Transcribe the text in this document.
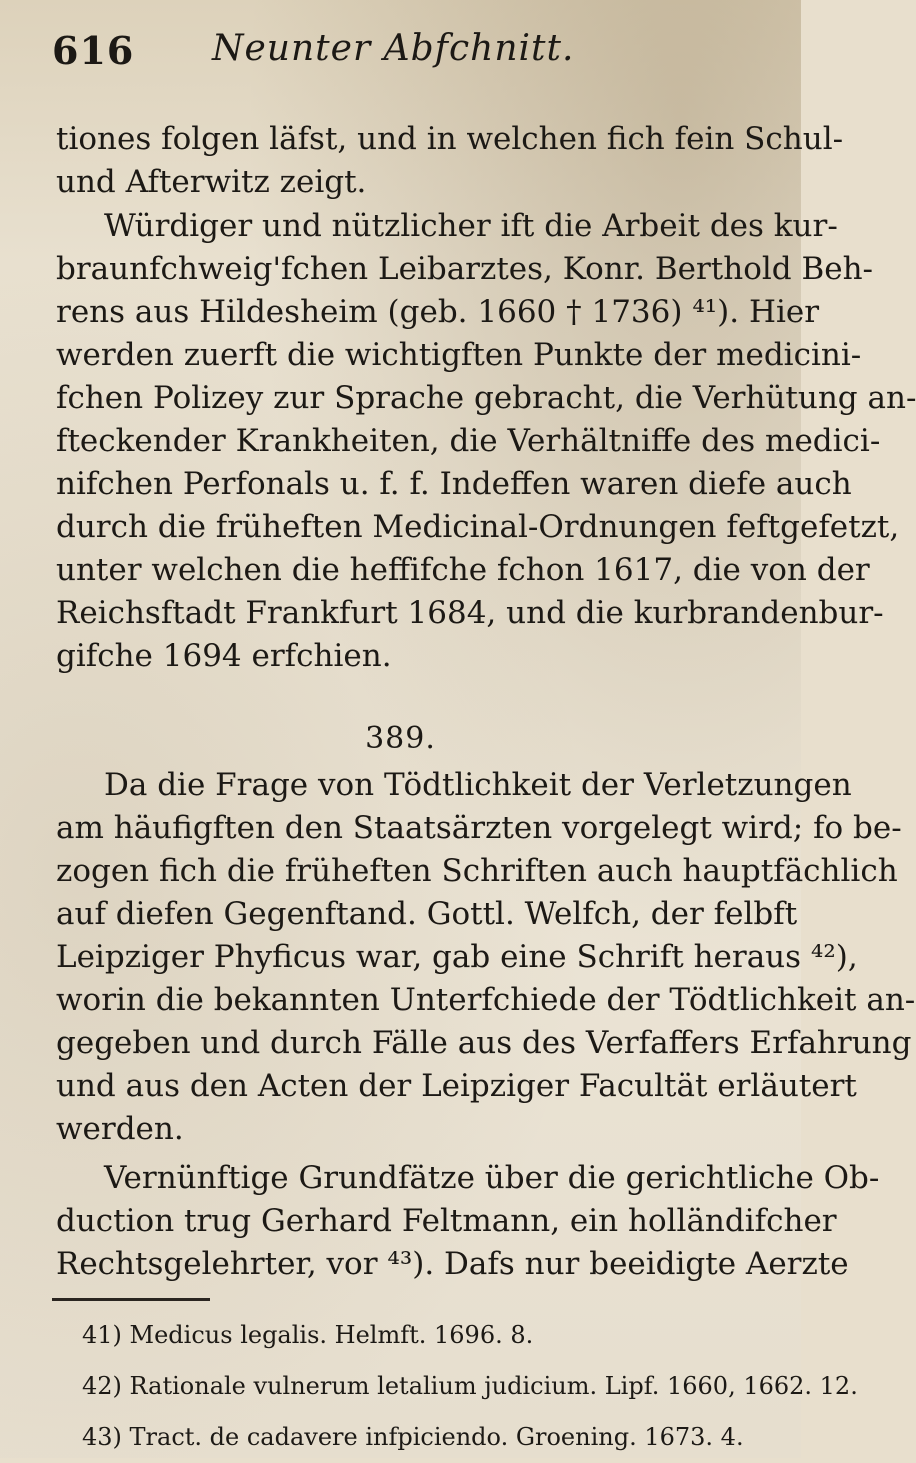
616 Neunter Abfchnitt.
tiones folgen läfst, und in welchen fich fein Schul-
und Afterwitz zeigt.
Würdiger und nützlicher ift die Arbeit des kur-
braunfchweig'fchen Leibarztes, Konr. Berthold Beh-
rens aus Hildesheim (geb. 1660 † 1736) ⁴¹). Hier
werden zuerft die wichtigften Punkte der medicini-
fchen Polizey zur Sprache gebracht, die Verhütung an-
fteckender Krankheiten, die Verhältniffe des medici-
nifchen Perfonals u. f. f. Indeffen waren diefe auch
durch die früheften Medicinal-Ordnungen feftgefetzt,
unter welchen die heffifche fchon 1617, die von der
Reichsftadt Frankfurt 1684, und die kurbrandenbur-
gifche 1694 erfchien.
389.
Da die Frage von Tödtlichkeit der Verletzungen
am häufigften den Staatsärzten vorgelegt wird; fo be-
zogen fich die früheften Schriften auch hauptfächlich
auf diefen Gegenftand. Gottl. Welfch, der felbft
Leipziger Phyficus war, gab eine Schrift heraus ⁴²),
worin die bekannten Unterfchiede der Tödtlichkeit an-
gegeben und durch Fälle aus des Verfaffers Erfahrung
und aus den Acten der Leipziger Facultät erläutert
werden.
Vernünftige Grundfätze über die gerichtliche Ob-
duction trug Gerhard Feltmann, ein holländifcher
Rechtsgelehrter, vor ⁴³). Dafs nur beeidigte Aerzte
41) Medicus legalis. Helmft. 1696. 8.
42) Rationale vulnerum letalium judicium. Lipf. 1660, 1662. 12.
43) Tract. de cadavere infpiciendo. Groening. 1673. 4.
